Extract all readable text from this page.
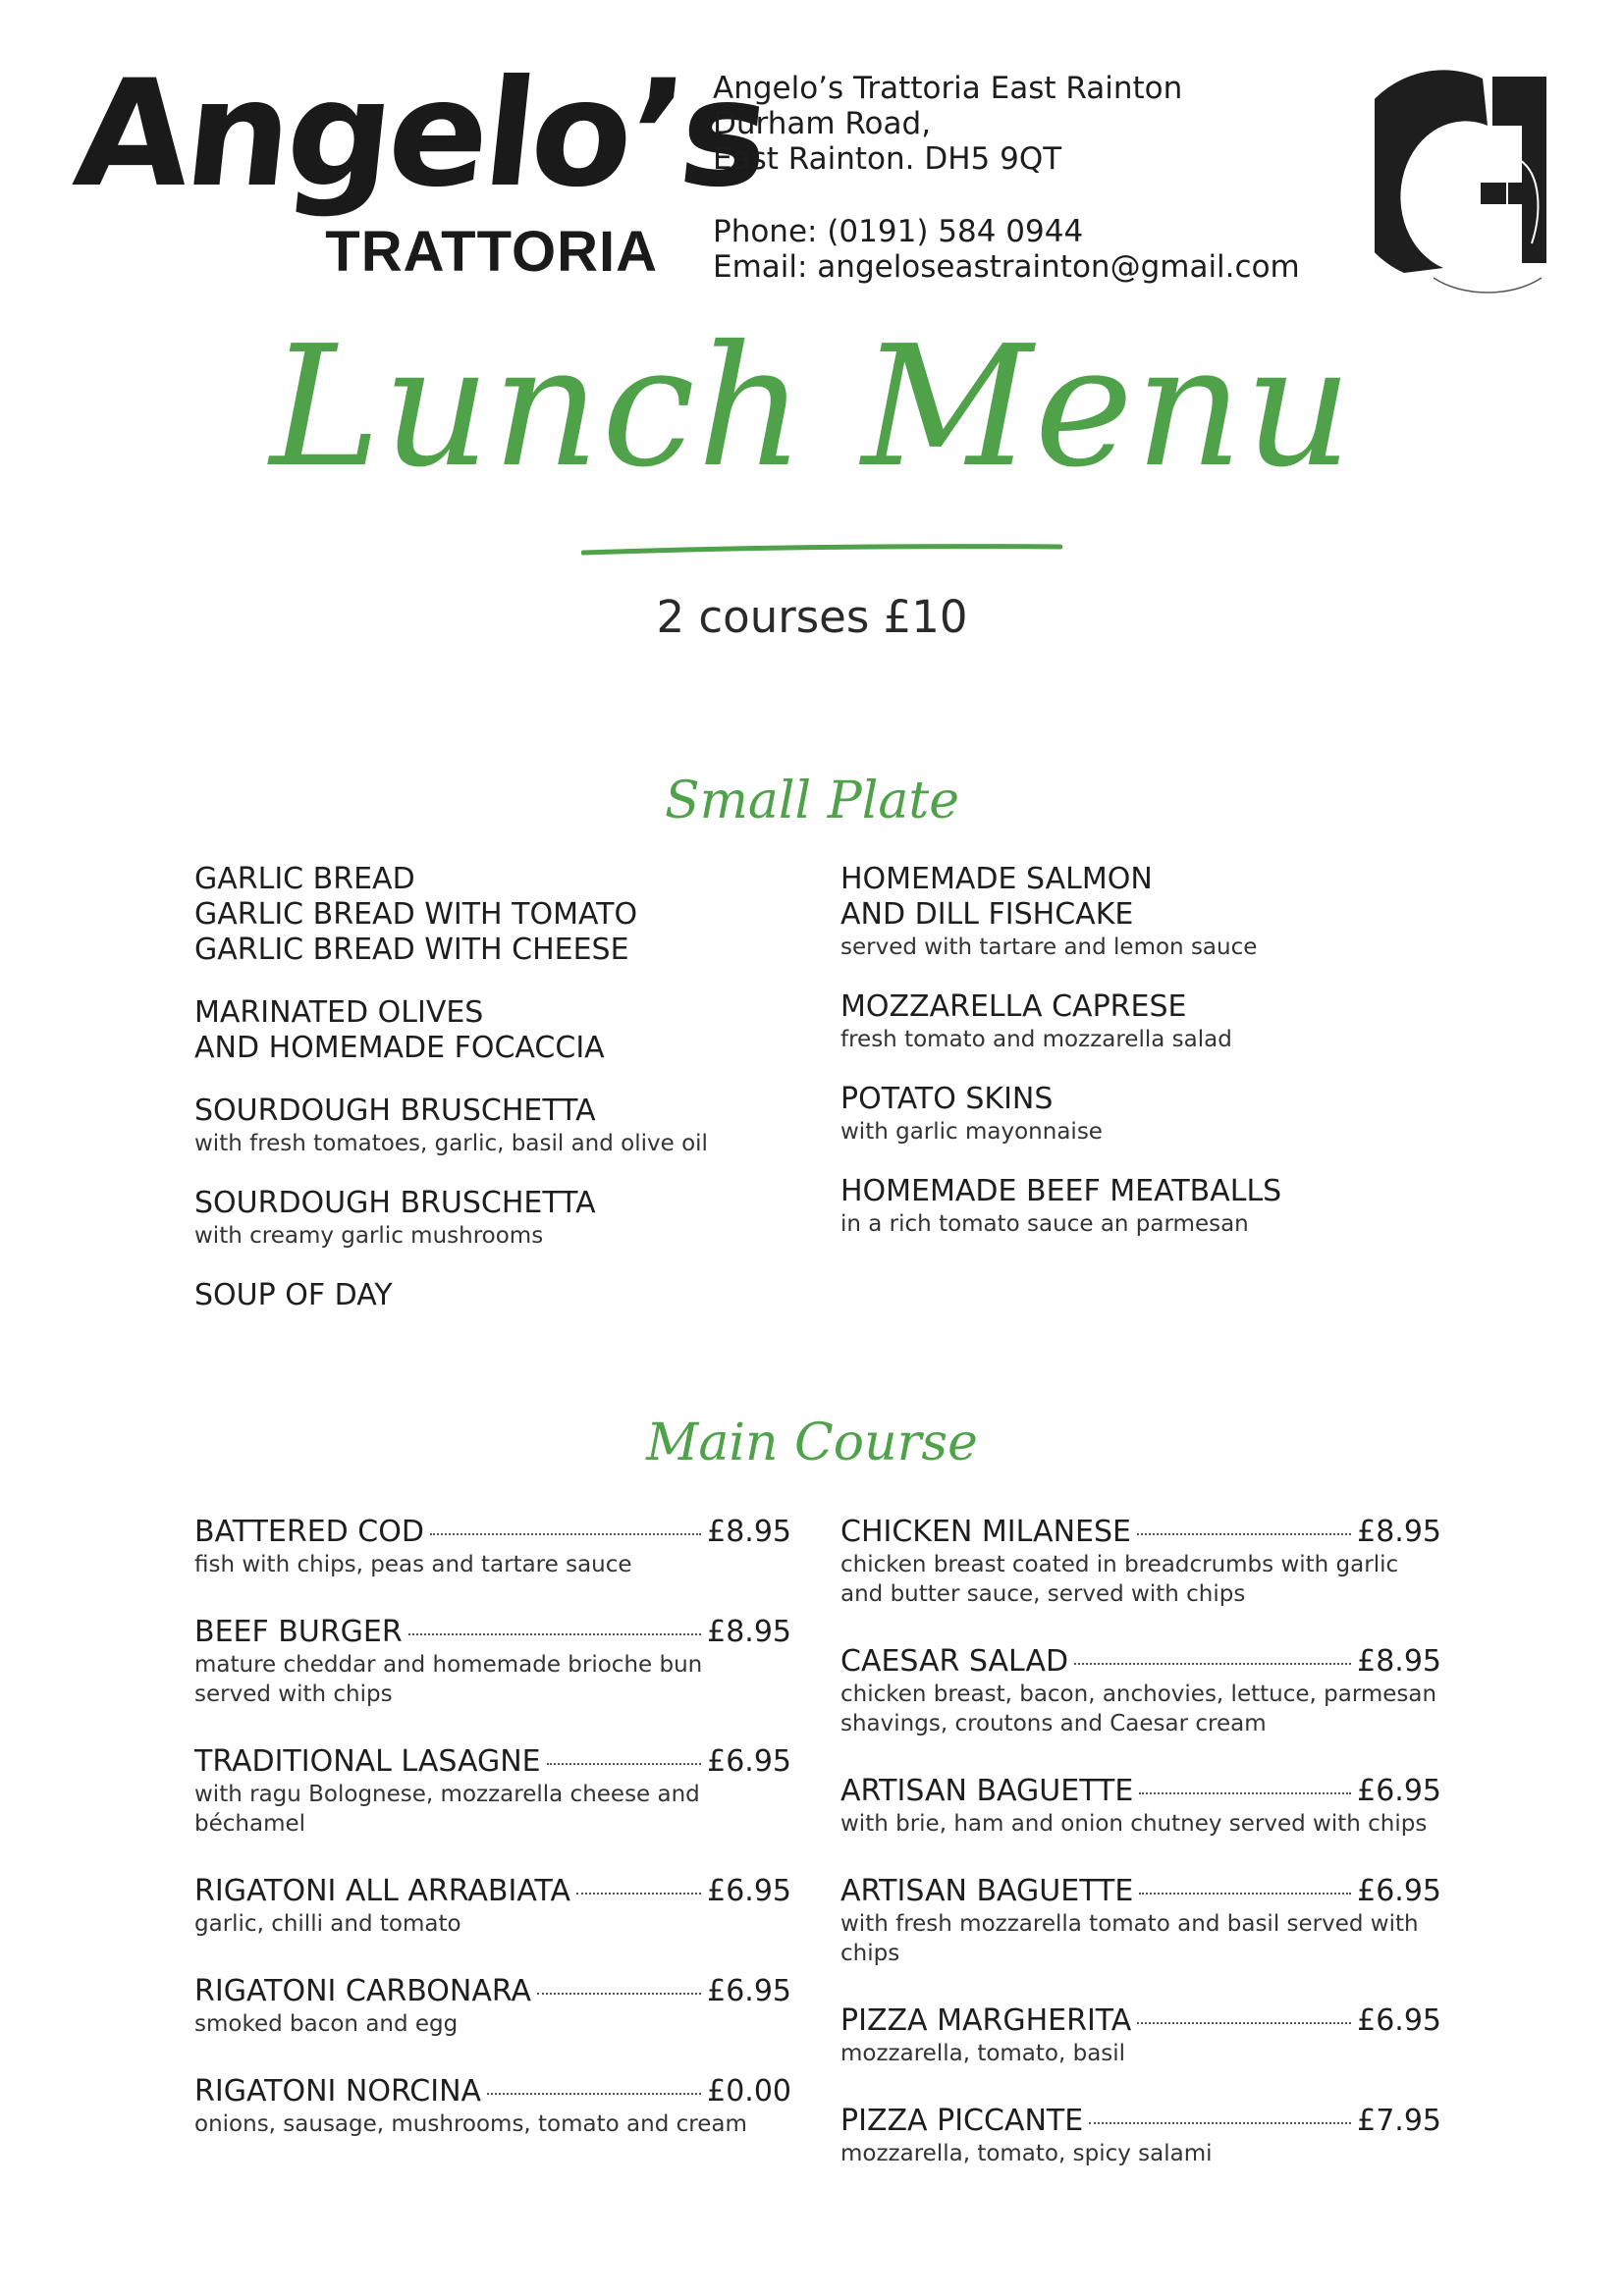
Angelo’s
TRATTORIA
Angelo’s Trattoria East Rainton
Durham Road,
East Rainton. DH5 9QT
Phone: (0191) 584 0944
Email: angeloseastrainton@gmail.com
angelo’s
Lunch Menu
2 courses £10
Small Plate
GARLIC BREAD
GARLIC BREAD WITH TOMATO
GARLIC BREAD WITH CHEESE
MARINATED OLIVES
AND HOMEMADE FOCACCIA
SOURDOUGH BRUSCHETTA
with fresh tomatoes, garlic, basil and olive oil
SOURDOUGH BRUSCHETTA
with creamy garlic mushrooms
SOUP OF DAY
HOMEMADE SALMON
AND DILL FISHCAKE
served with tartare and lemon sauce
MOZZARELLA CAPRESE
fresh tomato and mozzarella salad
POTATO SKINS
with garlic mayonnaise
HOMEMADE BEEF MEATBALLS
in a rich tomato sauce an parmesan
Main Course
BATTERED COD	£8.95
fish with chips, peas and tartare sauce
BEEF BURGER	£8.95
mature cheddar and homemade brioche bun
served with chips
TRADITIONAL LASAGNE	£6.95
with ragu Bolognese, mozzarella cheese and
béchamel
RIGATONI ALL ARRABIATA	£6.95
garlic, chilli and tomato
RIGATONI CARBONARA	£6.95
smoked bacon and egg
RIGATONI NORCINA	£0.00
onions, sausage, mushrooms, tomato and cream
CHICKEN MILANESE	£8.95
chicken breast coated in breadcrumbs with garlic
and butter sauce, served with chips
CAESAR SALAD	£8.95
chicken breast, bacon, anchovies, lettuce, parmesan
shavings, croutons and Caesar cream
ARTISAN BAGUETTE	£6.95
with brie, ham and onion chutney served with chips
ARTISAN BAGUETTE	£6.95
with fresh mozzarella tomato and basil served with
chips
PIZZA MARGHERITA	£6.95
mozzarella, tomato, basil
PIZZA PICCANTE	£7.95
mozzarella, tomato, spicy salami
